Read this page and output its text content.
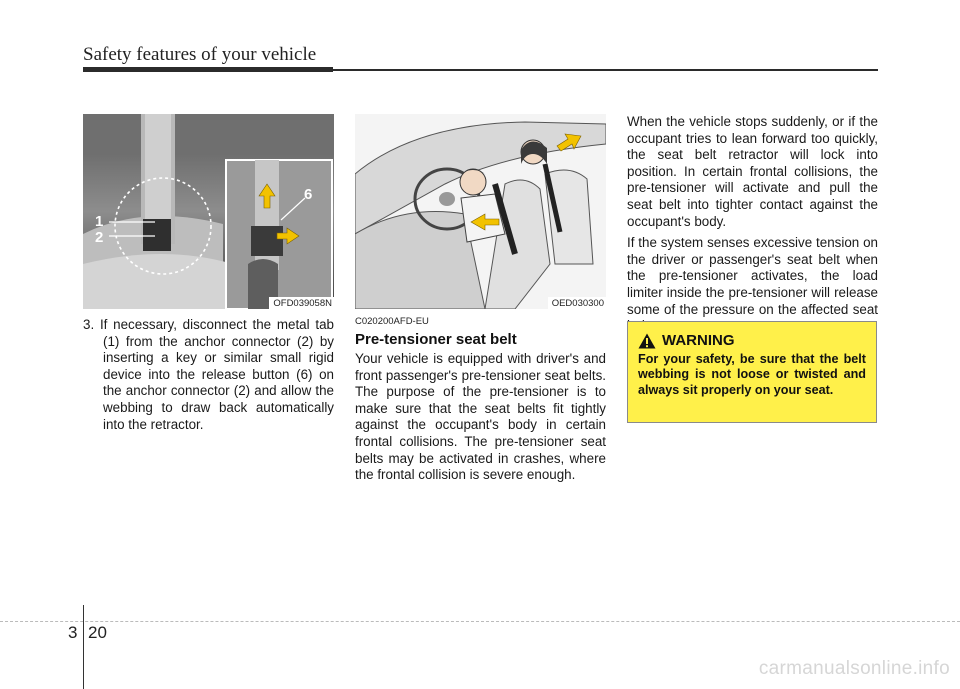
Safety features of your vehicle
1
2
6
OFD039058N	OED030300
3. If necessary, disconnect the metal tab (1) from the anchor connector (2) by inserting a key or similar small rigid device into the release button (6) on the anchor connector (2) and allow the webbing to draw back automatically into the retractor.
C020200AFD-EU
Pre-tensioner seat belt
Your vehicle is equipped with driver's and front passenger's pre-tensioner seat belts. The purpose of the pre-tensioner is to make sure that the seat belts fit tightly against the occupant's body in certain frontal collisions. The pre-tensioner seat belts may be activated in crashes, where the frontal collision is severe enough.

When the vehicle stops suddenly, or if the occupant tries to lean forward too quickly, the seat belt retractor will lock into position. In certain frontal collisions, the pre-tensioner will activate and pull the seat belt into tighter contact against the occupant's body.

If the system senses excessive tension on the driver or passenger's seat belt when the pre-tensioner activates, the load limiter inside the pre-tensioner will release some of the pressure on the affected seat

WARNING
For your safety, be sure that the belt webbing is not loose or twisted and always sit properly on your seat.
3 20
carmanualsonline.info
